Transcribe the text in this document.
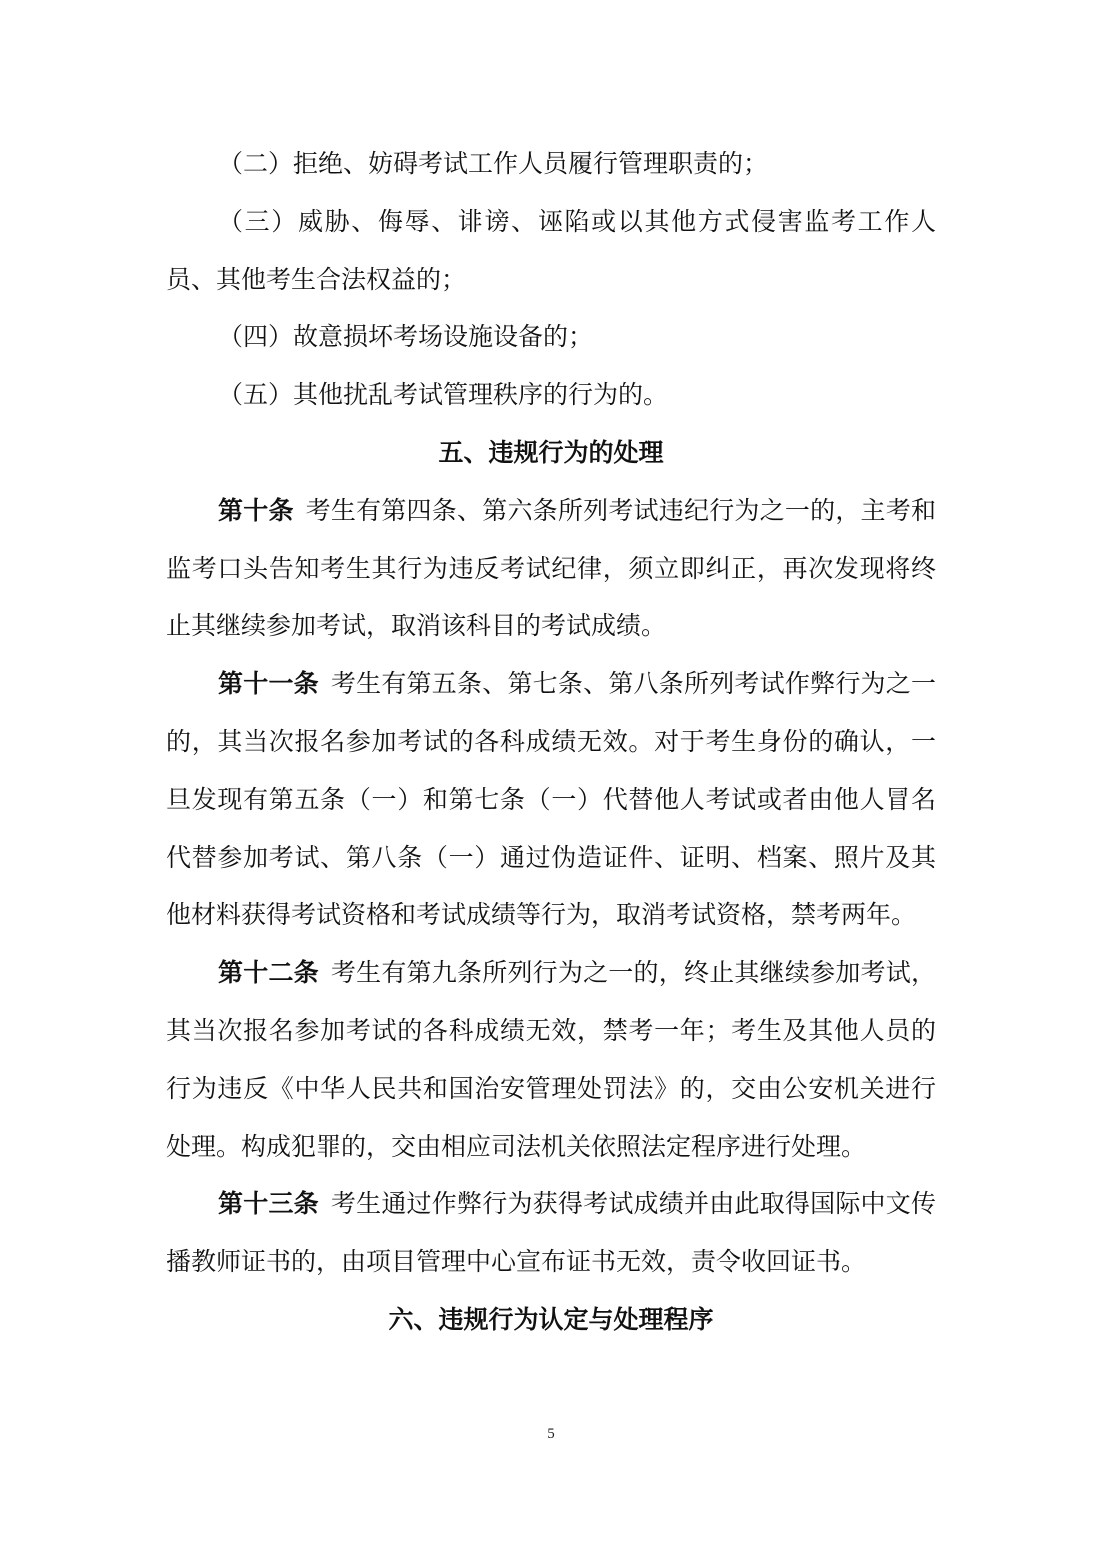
（二）拒绝、妨碍考试工作人员履行管理职责的；

（三）威胁、侮辱、诽谤、诬陷或以其他方式侵害监考工作人员、其他考生合法权益的；

（四）故意损坏考场设施设备的；

（五）其他扰乱考试管理秩序的行为的。

五、违规行为的处理

第十条 考生有第四条、第六条所列考试违纪行为之一的，主考和监考口头告知考生其行为违反考试纪律，须立即纠正，再次发现将终止其继续参加考试，取消该科目的考试成绩。

第十一条 考生有第五条、第七条、第八条所列考试作弊行为之一的，其当次报名参加考试的各科成绩无效。对于考生身份的确认，一旦发现有第五条（一）和第七条（一）代替他人考试或者由他人冒名代替参加考试、第八条（一）通过伪造证件、证明、档案、照片及其他材料获得考试资格和考试成绩等行为，取消考试资格，禁考两年。

第十二条 考生有第九条所列行为之一的，终止其继续参加考试，其当次报名参加考试的各科成绩无效，禁考一年；考生及其他人员的行为违反《中华人民共和国治安管理处罚法》的，交由公安机关进行处理。构成犯罪的，交由相应司法机关依照法定程序进行处理。

第十三条 考生通过作弊行为获得考试成绩并由此取得国际中文传播教师证书的，由项目管理中心宣布证书无效，责令收回证书。

六、违规行为认定与处理程序
5
